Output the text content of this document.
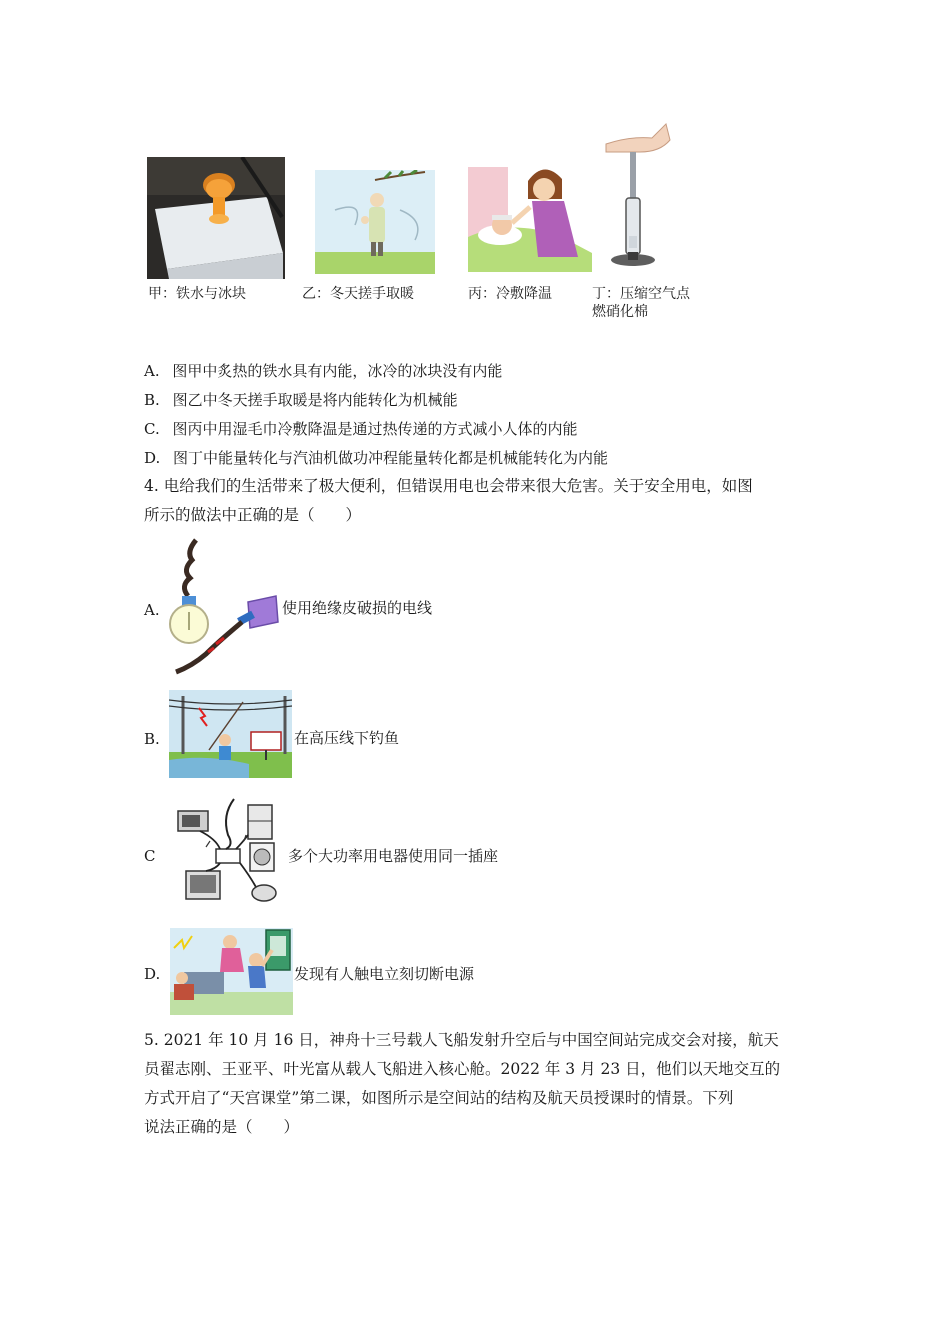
甲：铁水与冰块	乙：冬天搓手取暖	丙：冷敷降温	丁：压缩空气点
燃硝化棉
A. 图甲中炙热的铁水具有内能，冰冷的冰块没有内能
B. 图乙中冬天搓手取暖是将内能转化为机械能
C. 图丙中用湿毛巾冷敷降温是通过热传递的方式减小人体的内能
D. 图丁中能量转化与汽油机做功冲程能量转化都是机械能转化为内能
4. 电给我们的生活带来了极大便利，但错误用电也会带来很大危害。关于安全用电，如图
所示的做法中正确的是（　　）
A.	使用绝缘皮破损的电线
B.	在高压线下钓鱼
C	多个大功率用电器使用同一插座
D.	发现有人触电立刻切断电源
5. 2021 年 10 月 16 日，神舟十三号载人飞船发射升空后与中国空间站完成交会对接，航天
员翟志刚、王亚平、叶光富从载人飞船进入核心舱。2022 年 3 月 23 日，他们以天地交互的
方式开启了“天宫课堂”第二课，如图所示是空间站的结构及航天员授课时的情景。下列
说法正确的是（　　）
